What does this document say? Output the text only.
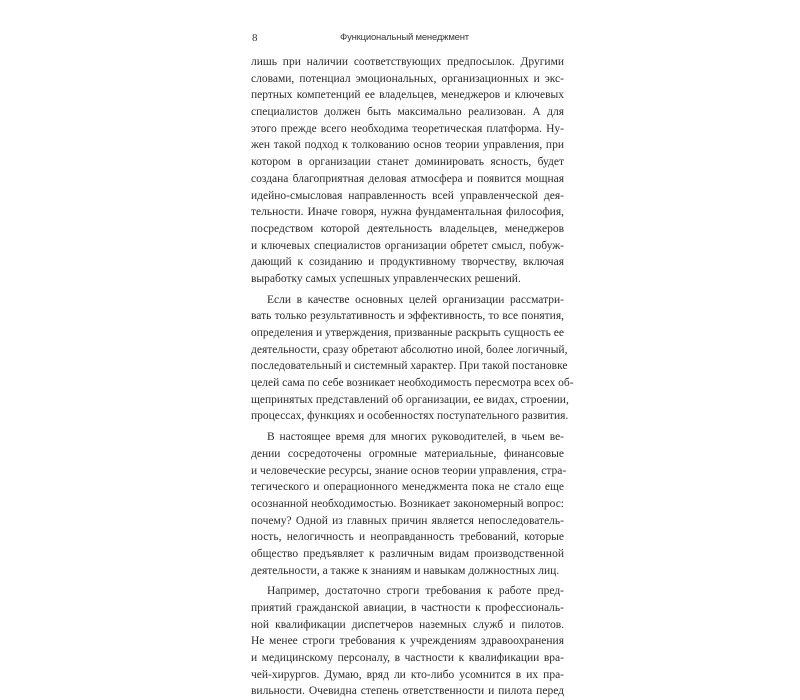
8	Функциональный менеджмент
лишь при наличии соответствующих предпосылок. Другими
словами, потенциал эмоциональных, организационных и экс-
пертных компетенций ее владельцев, менеджеров и ключевых
специалистов должен быть максимально реализован. А для
этого прежде всего необходима теоретическая платформа. Ну-
жен такой подход к толкованию основ теории управления, при
котором в организации станет доминировать ясность, будет
создана благоприятная деловая атмосфера и появится мощная
идейно-смысловая направленность всей управленческой дея-
тельности. Иначе говоря, нужна фундаментальная философия,
посредством которой деятельность владельцев, менеджеров
и ключевых специалистов организации обретет смысл, побуж-
дающий к созиданию и продуктивному творчеству, включая
выработку самых успешных управленческих решений.
Если в качестве основных целей организации рассматри-
вать только результативность и эффективность, то все понятия,
определения и утверждения, призванные раскрыть сущность ее
деятельности, сразу обретают абсолютно иной, более логичный,
последовательный и системный характер. При такой постановке
целей сама по себе возникает необходимость пересмотра всех об-
щепринятых представлений об организации, ее видах, строении,
процессах, функциях и особенностях поступательного развития.
В настоящее время для многих руководителей, в чьем ве-
дении сосредоточены огромные материальные, финансовые
и человеческие ресурсы, знание основ теории управления, стра-
тегического и операционного менеджмента пока не стало еще
осознанной необходимостью. Возникает закономерный вопрос:
почему? Одной из главных причин является непоследователь-
ность, нелогичность и неоправданность требований, которые
общество предъявляет к различным видам производственной
деятельности, а также к знаниям и навыкам должностных лиц.
Например, достаточно строги требования к работе пред-
приятий гражданской авиации, в частности к профессиональ-
ной квалификации диспетчеров наземных служб и пилотов.
Не менее строги требования к учреждениям здравоохранения
и медицинскому персоналу, в частности к квалификации вра-
чей-хирургов. Думаю, вряд ли кто-либо усомнится в их пра-
вильности. Очевидна степень ответственности и пилота перед
